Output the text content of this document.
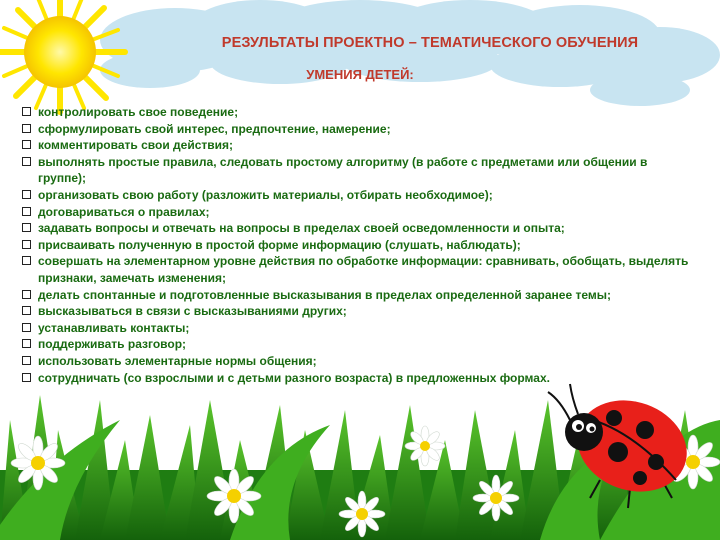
РЕЗУЛЬТАТЫ ПРОЕКТНО – ТЕМАТИЧЕСКОГО ОБУЧЕНИЯ
УМЕНИЯ ДЕТЕЙ:
контролировать свое поведение;
сформулировать свой интерес, предпочтение, намерение;
комментировать свои действия;
выполнять простые правила, следовать простому алгоритму (в работе с предметами или общении в группе);
организовать свою работу (разложить материалы, отбирать необходимое);
договариваться о правилах;
задавать вопросы и отвечать на вопросы в пределах своей осведомленности и опыта;
присваивать полученную в простой форме информацию (слушать, наблюдать);
совершать на элементарном уровне действия по обработке информации: сравнивать, обобщать, выделять признаки, замечать изменения;
делать спонтанные и подготовленные высказывания в пределах определенной заранее темы;
высказываться в связи с высказываниями других;
устанавливать контакты;
поддерживать разговор;
использовать элементарные нормы общения;
сотрудничать (со взрослыми и с детьми разного возраста) в предложенных формах.
